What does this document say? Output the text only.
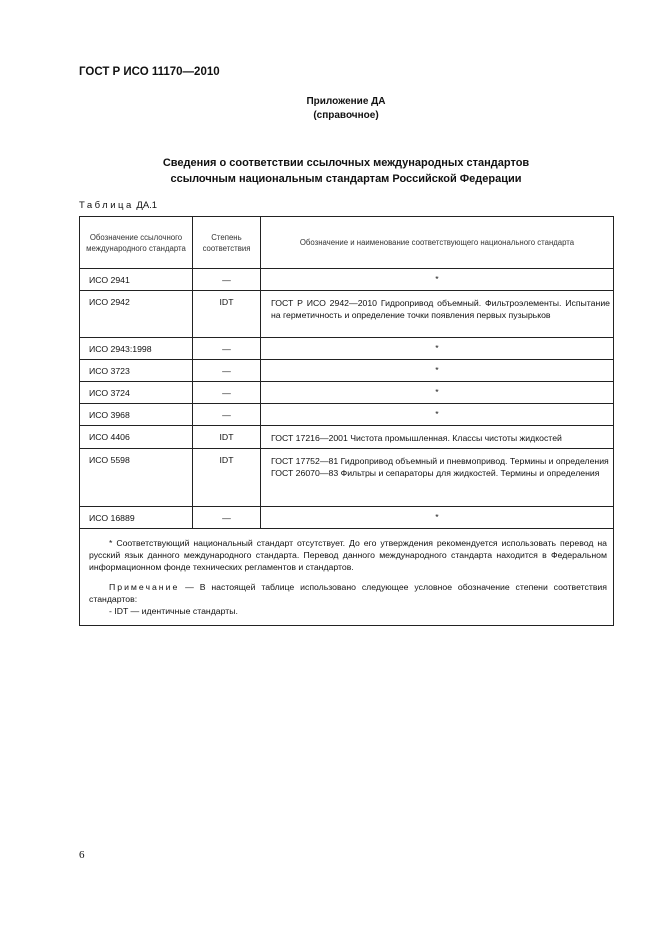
ГОСТ Р ИСО 11170—2010
Приложение ДА
(справочное)
Сведения о соответствии ссылочных международных стандартов
ссылочным национальным стандартам Российской Федерации
Таблица ДА.1
Обозначение ссылочного международного стандарта	Степень соответствия	Обозначение и наименование соответствующего национального стандарта
ИСО 2941	—	*
ИСО 2942	IDT	ГОСТ Р ИСО 2942—2010 Гидропривод объемный. Фильтроэлементы. Испытание на герметичность и определение точки появления первых пузырьков
ИСО 2943:1998	—	*
ИСО 3723	—	*
ИСО 3724	—	*
ИСО 3968	—	*
ИСО 4406	IDT	ГОСТ 17216—2001 Чистота промышленная. Классы чистоты жидкостей
ИСО 5598	IDT	ГОСТ 17752—81 Гидропривод объемный и пневмопривод. Термины и определения
ГОСТ 26070—83 Фильтры и сепараторы для жидкостей. Термины и определения

ИСО 16889	—	*

* Соответствующий национальный стандарт отсутствует. До его утверждения рекомендуется использовать перевод на русский язык данного международного стандарта. Перевод данного международного стандарта находится в Федеральном информационном фонде технических регламентов и стандартов.

Примечание — В настоящей таблице использовано следующее условное обозначение степени соответствия стандартов:

- IDT — идентичные стандарты.		

6
